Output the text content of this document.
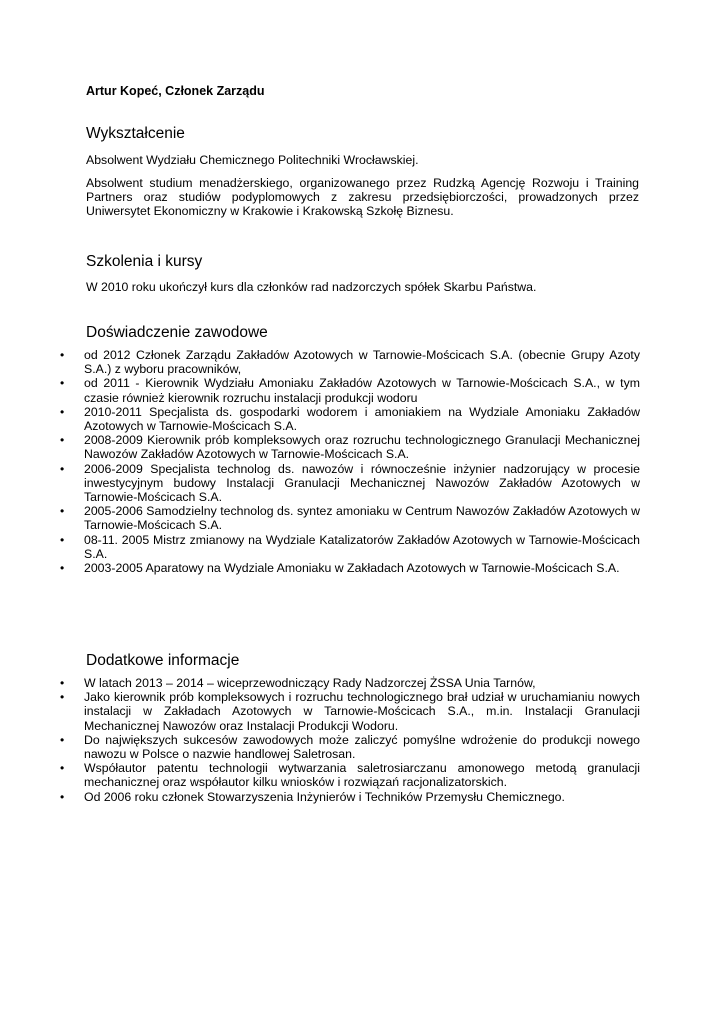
Artur Kopeć, Członek Zarządu
Wykształcenie
Absolwent Wydziału Chemicznego Politechniki Wrocławskiej.
Absolwent studium menadżerskiego, organizowanego przez Rudzką Agencję Rozwoju i Training Partners oraz studiów podyplomowych z zakresu przedsiębiorczości, prowadzonych przez Uniwersytet Ekonomiczny w Krakowie i Krakowską Szkołę Biznesu.
Szkolenia i kursy
W 2010 roku ukończył kurs dla członków rad nadzorczych spółek Skarbu Państwa.
Doświadczenie zawodowe
• od 2012 Członek Zarządu Zakładów Azotowych w Tarnowie-Mościcach S.A. (obecnie Grupy Azoty S.A.) z wyboru pracowników,
• od 2011 - Kierownik Wydziału Amoniaku Zakładów Azotowych w Tarnowie-Mościcach S.A., w tym czasie również kierownik rozruchu instalacji produkcji wodoru
• 2010-2011 Specjalista ds. gospodarki wodorem i amoniakiem na Wydziale Amoniaku Zakładów Azotowych w Tarnowie-Mościcach S.A.
• 2008-2009 Kierownik prób kompleksowych oraz rozruchu technologicznego Granulacji Mechanicznej Nawozów Zakładów Azotowych w Tarnowie-Mościcach S.A.
• 2006-2009 Specjalista technolog ds. nawozów i równocześnie inżynier nadzorujący w procesie inwestycyjnym budowy Instalacji Granulacji Mechanicznej Nawozów Zakładów Azotowych w Tarnowie-Mościcach S.A.
• 2005-2006 Samodzielny technolog ds. syntez amoniaku w Centrum Nawozów Zakładów Azotowych w Tarnowie-Mościcach S.A.
• 08-11. 2005 Mistrz zmianowy na Wydziale Katalizatorów Zakładów Azotowych w Tarnowie-Mościcach S.A.
• 2003-2005 Aparatowy na Wydziale Amoniaku w Zakładach Azotowych w Tarnowie-Mościcach S.A.
Dodatkowe informacje
• W latach 2013 – 2014 – wiceprzewodniczący Rady Nadzorczej ŻSSA Unia Tarnów,
• Jako kierownik prób kompleksowych i rozruchu technologicznego brał udział w uruchamianiu nowych instalacji w Zakładach Azotowych w Tarnowie-Mościcach S.A., m.in. Instalacji Granulacji Mechanicznej Nawozów oraz Instalacji Produkcji Wodoru.
• Do największych sukcesów zawodowych może zaliczyć pomyślne wdrożenie do produkcji nowego nawozu w Polsce o nazwie handlowej Saletrosan.
• Współautor patentu technologii wytwarzania saletrosiarczanu amonowego metodą granulacji mechanicznej oraz współautor kilku wniosków i rozwiązań racjonalizatorskich.
• Od 2006 roku członek Stowarzyszenia Inżynierów i Techników Przemysłu Chemicznego.
